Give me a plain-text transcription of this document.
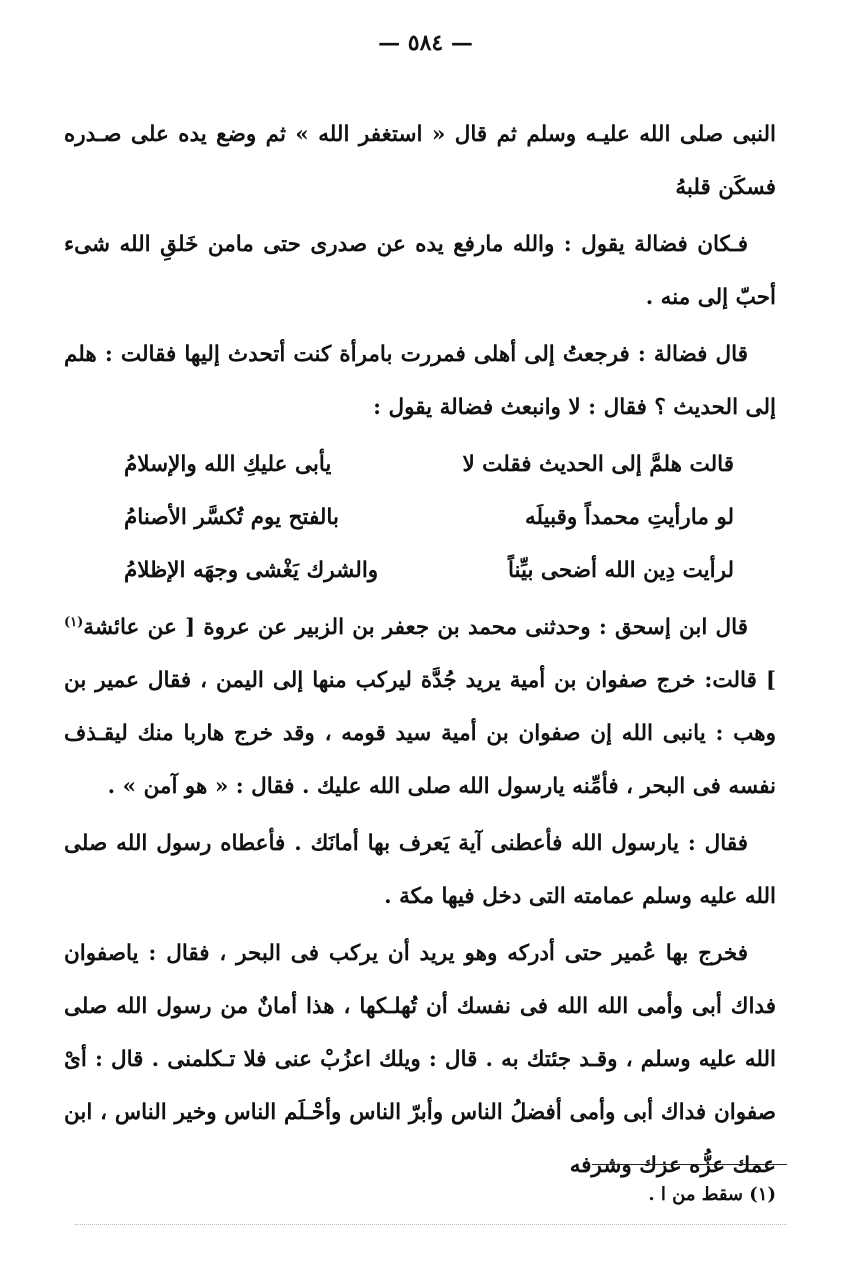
— ٥٨٤ —

النبى صلى الله عليـه وسلم ثم قال « استغفر الله » ثم وضع يده على صـدره فسكَن قلبهُ

فـكان فضالة يقول : والله مارفع يده عن صدرى حتى مامن خَلقِ الله شىء أحبّ إلى منه .

قال فضالة : فرجعتُ إلى أهلى فمررت بامرأة كنت أتحدث إليها فقالت : هلم إلى الحديث ؟ فقال : لا وانبعث فضالة يقول :

قالت هلمَّ إلى الحديث فقلت لا
يأبى عليكِ الله والإسلامُ
لو مارأيتِ محمداً وقبيلَه
بالفتح يوم تُكسَّر الأصنامُ
لرأيت دِين الله أضحى بيِّناً
والشرك يَغْشى وجهَه الإظلامُ

قال ابن إسحق : وحدثنى محمد بن جعفر بن الزبير عن عروة [ عن عائشة$^{(١)}$ ] قالت: خرج صفوان بن أمية يريد جُدَّة ليركب منها إلى اليمن ، فقال عمير بن وهب : يانبى الله إن صفوان بن أمية سيد قومه ، وقد خرج هاربا منك ليقـذف نفسه فى البحر ، فأمِّنه يارسول الله صلى الله عليك . فقال : « هو آمن » .

فقال : يارسول الله فأعطنى آية يَعرف بها أمانَك . فأعطاه رسول الله صلى الله عليه وسلم عمامته التى دخل فيها مكة .

فخرج بها عُمير حتى أدركه وهو يريد أن يركب فى البحر ، فقال : ياصفوان فداك أبى وأمى الله الله فى نفسك أن تُهلـكها ، هذا أمانٌ من رسول الله صلى الله عليه وسلم ، وقـد جئتك به . قال : ويلك اعزُبْ عنى فلا تـكلمنى . قال : أىْ صفوان فداك أبى وأمى أفضلُ الناس وأبرّ الناس وأحْـلَم الناس وخير الناس ، ابن عمك عزُّه عزك وشرفه

(١) سقط من ا .
